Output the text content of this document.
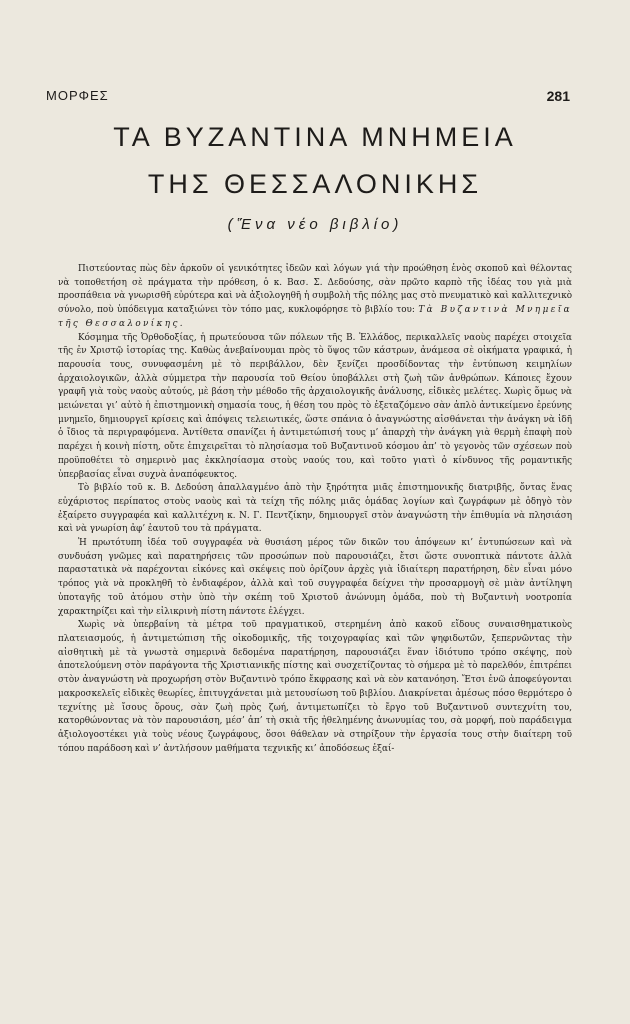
ΜΟΡΦΕΣ	281
ΤΑ ΒΥΖΑΝΤΙΝΑ ΜΝΗΜΕΙΑ
ΤΗΣ ΘΕΣΣΑΛΟΝΙΚΗΣ
(Ἕνα νέο βιβλίο)

Πιστεύοντας πὼς δὲν ἀρκοῦν οἱ γενικότητες ἰδεῶν καὶ λόγων γιά τὴν προώθηση ἑνὸς σκοποῦ καὶ θέλοντας νὰ τοποθετήση σὲ πράγματα τὴν πρόθεση, ὁ κ. Βασ. Σ. Δεδούσης, σὰν πρῶτο καρπὸ τῆς ἰδέας του γιὰ μιὰ προσπάθεια νὰ γνωρισθῆ εὐρύτερα καὶ νὰ ἀξιολογηθῆ ἡ συμβολὴ τῆς πόλης μας στὸ πνευματικὸ καὶ καλλιτεχνικὸ σύνολο, ποὺ ὑπόδειγμα καταξιώνει τὸν τόπο μας, κυκλοφόρησε τὸ βιβλίο του: Τὰ Βυζαντινὰ Μνημεῖα τῆς Θεσσαλονίκης.

Κόσμημα τῆς Ὀρθοδοξίας, ἡ πρωτεύουσα τῶν πόλεων τῆς Β. Ἑλλάδος, περικαλλεῖς ναοὺς παρέχει στοιχεῖα τῆς ἐν Χριστῷ ἱστορίας της. Καθὼς ἀνεβαίνουμαι πρὸς τὸ ὕψος τῶν κάστρων, ἀνάμεσα σὲ οἰκήματα γραφικά, ἡ παρουσία τους, συνυφασμένη μὲ τὸ περιβάλλον, δὲν ξενίζει προσδίδοντας τὴν ἐντύπωση κειμηλίων ἀρχαιολογικῶν, ἀλλὰ σύμμετρα τὴν παρουσία τοῦ Θείου ὑποβάλλει στὴ ζωὴ τῶν ἀνθρώπων. Κάποιες ἔχουν γραφῆ γιὰ τοὺς ναοὺς αὐτούς, μὲ βάση τὴν μέθοδο τῆς ἀρχαιολογικῆς ἀνάλυσης, εἰδικὲς μελέτες. Χωρὶς ὅμως νὰ μειώνεται γι’ αὐτὸ ἡ ἐπιστημονικὴ σημασία τους, ἡ θέση του πρὸς τὸ ἐξεταζόμενο σὰν ἁπλὸ ἀντικείμενο ἐρεύνης μνημεῖο, δημιουργεῖ κρίσεις καὶ ἀπόψεις τελειωτικές, ὥστε σπάνια ὁ ἀναγνώστης αἰσθάνεται τὴν ἀνάγκη νὰ ἰδῆ ὁ ἴδιος τὰ περιγραφόμενα. Ἀντίθετα σπανίζει ἡ ἀντιμετώπισή τους μ’ ἀπαρχὴ τὴν ἀνάγκη γιὰ θερμὴ ἐπαφὴ ποὺ παρέχει ἡ κοινὴ πίστη, οὔτε ἐπιχειρεῖται τὸ πλησίασμα τοῦ Βυζαντινοῦ κόσμου ἀπ’ τὸ γεγονὸς τῶν σχέσεων ποὺ προϋποθέτει τὸ σημερινὸ μας ἐκκλησίασμα στοὺς ναούς του, καὶ τοῦτο γιατὶ ὁ κίνδυνος τῆς ρομαντικῆς ὑπερβασίας εἶναι συχνὰ ἀναπόφευκτος.

Τὸ βιβλίο τοῦ κ. Β. Δεδούση ἀπαλλαγμένο ἀπὸ τὴν ξηρότητα μιᾶς ἐπιστημονικῆς διατριβῆς, ὄντας ἕνας εὐχάριστος περίπατος στοὺς ναοὺς καὶ τὰ τείχη τῆς πόλης μιᾶς ὁμάδας λογίων καὶ ζωγράφων μὲ ὁδηγὸ τὸν ἐξαίρετο συγγραφέα καὶ καλλιτέχνη κ. Ν. Γ. Πεντζίκην, δημιουργεῖ στὸν ἀναγνώστη τὴν ἐπιθυμία νὰ πλησιάση καὶ νὰ γνωρίση ἀφ’ ἑαυτοῦ του τὰ πράγματα.

Ἡ πρωτότυπη ἰδέα τοῦ συγγραφέα νὰ θυσιάση μέρος τῶν δικῶν του ἀπόψεων κι’ ἐντυπώσεων καὶ νὰ συνδυάση γνῶμες καὶ παρατηρήσεις τῶν προσώπων ποὺ παρουσιάζει, ἔτσι ὥστε συνοπτικὰ πάντοτε ἀλλὰ παραστατικὰ νὰ παρέχονται εἰκόνες καὶ σκέψεις ποὺ ὁρίζουν ἀρχὲς γιὰ ἰδιαίτερη παρατήρηση, δὲν εἶναι μόνο τρόπος γιὰ νὰ προκληθῆ τὸ ἐνδιαφέρον, ἀλλὰ καὶ τοῦ συγγραφέα δείχνει τὴν προσαρμογὴ σὲ μιὰν ἀντίληψη ὑποταγῆς τοῦ ἀτόμου στὴν ὑπὸ τὴν σκέπη τοῦ Χριστοῦ ἀνώνυμη ὁμάδα, ποὺ τὴ Βυζαντινὴ νοοτροπία χαρακτηρίζει καὶ τὴν εἰλικρινὴ πίστη πάντοτε ἐλέγχει.

Χωρὶς νὰ ὑπερβαίνη τὰ μέτρα τοῦ πραγματικοῦ, στερημένη ἀπὸ κακοῦ εἴδους συναισθηματικοὺς πλατειασμούς, ἡ ἀντιμετώπιση τῆς οἰκοδομικῆς, τῆς τοιχογραφίας καὶ τῶν ψηφιδωτῶν, ξεπερνῶντας τὴν αἰσθητικὴ μὲ τὰ γνωστὰ σημερινὰ δεδομένα παρατήρηση, παρουσιάζει ἕναν ἰδιότυπο τρόπο σκέψης, ποὺ ἀποτελούμενη στὸν παράγοντα τῆς Χριστιανικῆς πίστης καὶ συσχετίζοντας τὸ σήμερα μὲ τὸ παρελθόν, ἐπιτρέπει στὸν ἀναγνώστη νὰ προχωρήση στὸν Βυζαντινὸ τρόπο ἔκφρασης καὶ νὰ εὸν κατανόηση. Ἔτσι ἐνῶ ἀποφεύγονται μακροσκελεῖς εἰδικὲς θεωρίες, ἐπιτυγχάνεται μιὰ μετουσίωση τοῦ βιβλίου. Διακρίνεται ἀμέσως πόσο θερμότερο ὁ τεχνίτης μὲ ἴσους ὅρους, σὰν ζωὴ πρὸς ζωή, ἀντιμετωπίζει τὸ ἔργο τοῦ Βυζαντινοῦ συντεχνίτη του, κατορθώνοντας νὰ τὸν παρουσιάση, μέσ’ ἀπ’ τὴ σκιὰ τῆς ἠθελημένης ἀνωνυμίας του, σὰ μορφή, ποὺ παράδειγμα ἀξιολογοστέκει γιὰ τοὺς νέους ζωγράφους, ὅσοι θάθελαν νὰ στηρίξουν τὴν ἐργασία τους στὴν διαίτερη τοῦ τόπου παράδοση καὶ ν’ ἀντλήσουν μαθήματα τεχνικῆς κι’ ἀποδόσεως ἐξαί-
